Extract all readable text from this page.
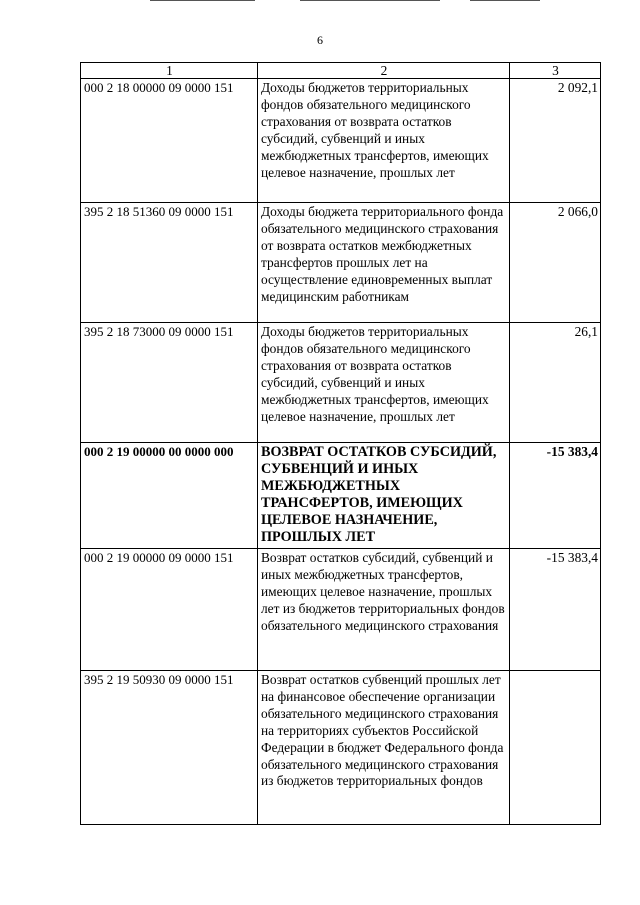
6
1	2	3
000 2 18 00000 09 0000 151	Доходы бюджетов территориальных фондов обязательного медицинского страхования от возврата остатков субсидий, субвенций и иных межбюджетных трансфертов, имеющих целевое назначение, прошлых лет	2 092,1
395 2 18 51360 09 0000 151	Доходы бюджета территориального фонда обязательного медицинского страхования от возврата остатков межбюджетных трансфертов прошлых лет на осуществление единовременных выплат медицинским работникам	2 066,0
395 2 18 73000 09 0000 151	Доходы бюджетов территориальных фондов обязательного медицинского страхования от возврата остатков субсидий, субвенций и иных межбюджетных трансфертов, имеющих целевое назначение, прошлых лет	26,1
000 2 19 00000 00 0000 000	ВОЗВРАТ ОСТАТКОВ СУБСИДИЙ, СУБВЕНЦИЙ И ИНЫХ МЕЖБЮДЖЕТНЫХ ТРАНСФЕРТОВ, ИМЕЮЩИХ ЦЕЛЕВОЕ НАЗНАЧЕНИЕ, ПРОШЛЫХ ЛЕТ	-15 383,4
000 2 19 00000 09 0000 151	Возврат остатков субсидий, субвенций и иных межбюджетных трансфертов, имеющих целевое назначение, прошлых лет из бюджетов территориальных фондов обязательного медицинского страхования	-15 383,4
395 2 19 50930 09 0000 151	Возврат остатков субвенций прошлых лет на финансовое обеспечение организации обязательного медицинского страхования на территориях субъектов Российской Федерации в бюджет Федерального фонда обязательного медицинского страхования из бюджетов территориальных фондов	
